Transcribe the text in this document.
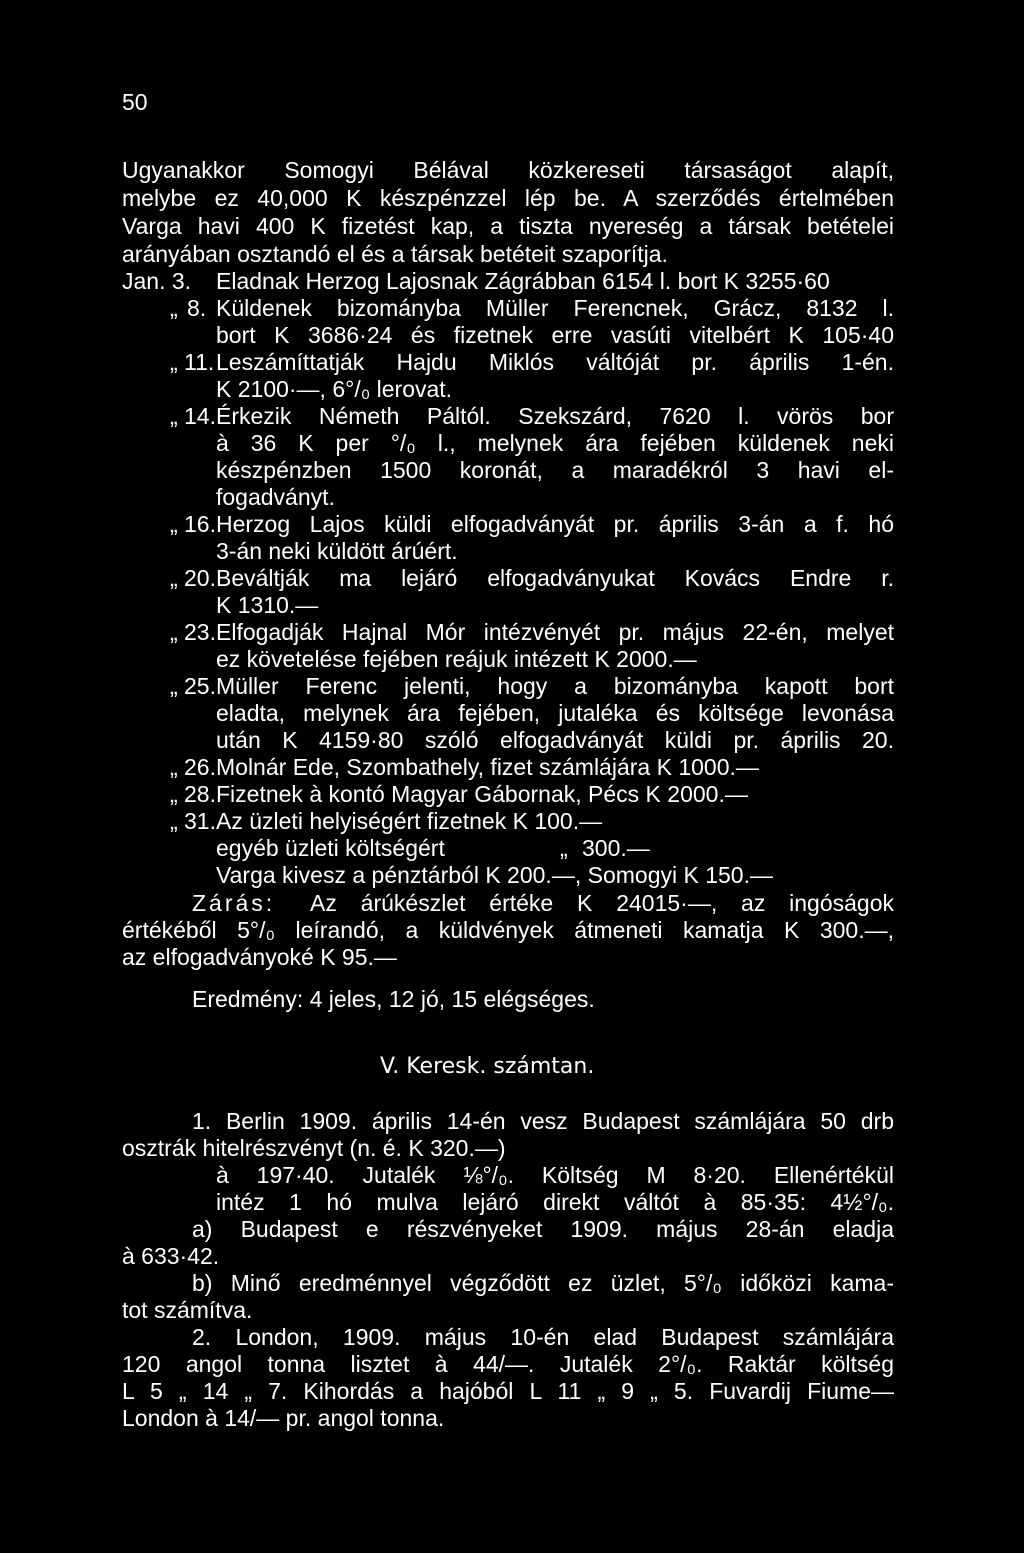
50
Ugyanakkor Somogyi Bélával közkereseti társaságot alapít,
melybe ez 40,000 K készpénzzel lép be. A szerződés értelmében
Varga havi 400 K fizetést kap, a tiszta nyereség a társak betételei
arányában osztandó el és a társak betéteit szaporítja.
Jan. 3. Eladnak Herzog Lajosnak Zágrábban 6154 l. bort K 3255·60
„ 8. Küldenek bizományba Müller Ferencnek, Grácz, 8132 l.
bort K 3686·24 és fizetnek erre vasúti vitelbért K 105·40
„ 11. Leszámíttatják Hajdu Miklós váltóját pr. április 1-én.
K 2100·—, 6°/₀ lerovat.
„ 14. Érkezik Németh Páltól. Szekszárd, 7620 l. vörös bor
à 36 K per °/₀ l., melynek ára fejében küldenek neki
készpénzben 1500 koronát, a maradékról 3 havi el-
fogadványt.
„ 16. Herzog Lajos küldi elfogadványát pr. április 3-án a f. hó
3-án neki küldött árúért.
„ 20. Beváltják ma lejáró elfogadványukat Kovács Endre r.
K 1310.—
„ 23. Elfogadják Hajnal Mór intézvényét pr. május 22-én, melyet
ez követelése fejében reájuk intézett K 2000.—
„ 25. Müller Ferenc jelenti, hogy a bizományba kapott bort
eladta, melynek ára fejében, jutaléka és költsége levonása
után K 4159·80 szóló elfogadványát küldi pr. április 20.
„ 26. Molnár Ede, Szombathely, fizet számlájára K 1000.—
„ 28. Fizetnek à kontó Magyar Gábornak, Pécs K 2000.—
„ 31. Az üzleti helyiségért fizetnek K 100.—
egyéb üzleti költségért	„ 300.—
Varga kivesz a pénztárból K 200.—, Somogyi K 150.—
Zárás: Az árúkészlet értéke K 24015·—, az ingóságok
értékéből 5°/₀ leírandó, a küldvények átmeneti kamatja K 300.—,
az elfogadványoké K 95.—
Eredmény: 4 jeles, 12 jó, 15 elégséges.
V. Keresk. számtan.
1. Berlin 1909. április 14-én vesz Budapest számlájára 50 drb
osztrák hitelrészvényt (n. é. K 320.—)
à 197·40. Jutalék ⅛°/₀. Költség M 8·20. Ellenértékül
intéz 1 hó mulva lejáró direkt váltót à 85·35: 4½°/₀.
a) Budapest e részvényeket 1909. május 28-án eladja
à 633·42.
b) Minő eredménnyel végződött ez üzlet, 5°/₀ időközi kama-
tot számítva.
2. London, 1909. május 10-én elad Budapest számlájára
120 angol tonna lisztet à 44/—. Jutalék 2°/₀. Raktár költség
L 5 „ 14 „ 7. Kihordás a hajóból L 11 „ 9 „ 5. Fuvardij Fiume—
London à 14/— pr. angol tonna.
